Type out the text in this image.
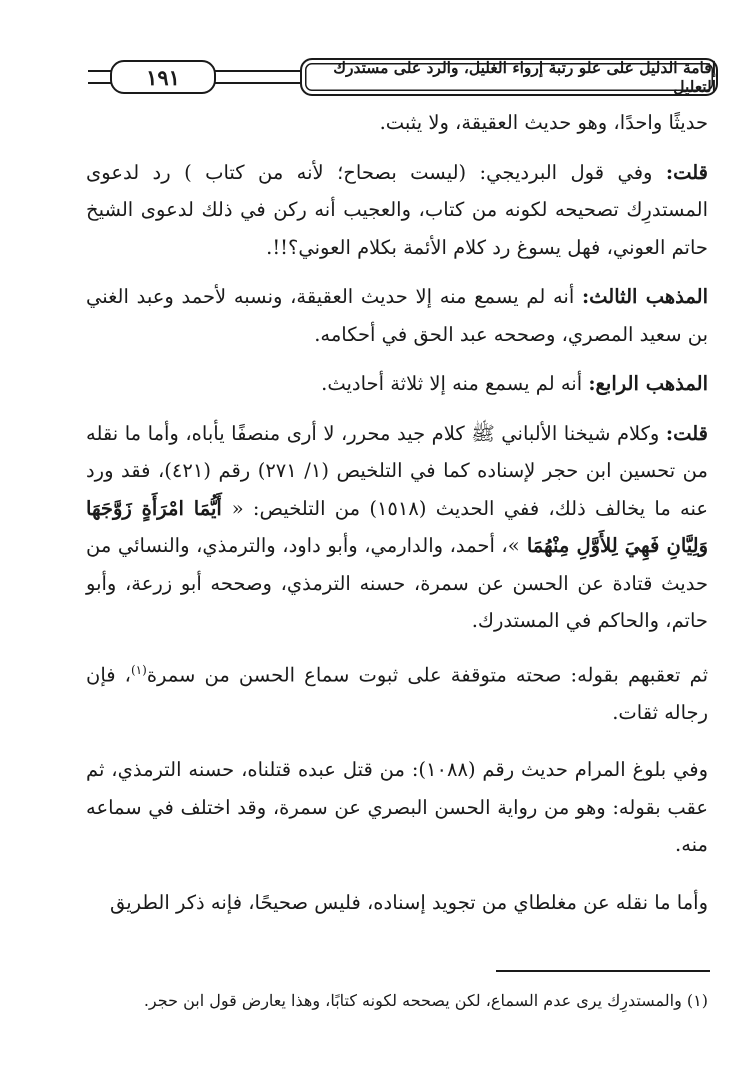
١٩١	إقامة الدليل على علو رتبة إرواء الغليل، والرد على مستدرك التعليل

حديثًا واحدًا، وهو حديث العقيقة، ولا يثبت.

قلت: وفي قول البرديجي: (ليست بصحاح؛ لأنه من كتاب ) رد لدعوى المستدرِك تصحيحه لكونه من كتاب، والعجيب أنه ركن في ذلك لدعوى الشيخ حاتم العوني، فهل يسوغ رد كلام الأئمة بكلام العوني؟!!.

المذهب الثالث: أنه لم يسمع منه إلا حديث العقيقة، ونسبه لأحمد وعبد الغني بن سعيد المصري، وصححه عبد الحق في أحكامه.

المذهب الرابع: أنه لم يسمع منه إلا ثلاثة أحاديث.

قلت: وكلام شيخنا الألباني ﷺ كلام جيد محرر، لا أرى منصفًا يأباه، وأما ما نقله من تحسين ابن حجر لإسناده كما في التلخيص (١/ ٢٧١) رقم (٤٢١)، فقد ورد عنه ما يخالف ذلك، ففي الحديث (١٥١٨) من التلخيص: « أَيُّمَا امْرَأَةٍ زَوَّجَهَا وَلِيَّانِ فَهِيَ لِلأَوَّلِ مِنْهُمَا »، أحمد، والدارمي، وأبو داود، والترمذي، والنسائي من حديث قتادة عن الحسن عن سمرة، حسنه الترمذي، وصححه أبو زرعة، وأبو حاتم، والحاكم في المستدرك.

ثم تعقبهم بقوله: صحته متوقفة على ثبوت سماع الحسن من سمرة$^{(١)}$، فإن رجاله ثقات.

وفي بلوغ المرام حديث رقم (١٠٨٨): من قتل عبده قتلناه، حسنه الترمذي، ثم عقب بقوله: وهو من رواية الحسن البصري عن سمرة، وقد اختلف في سماعه منه.

وأما ما نقله عن مغلطاي من تجويد إسناده، فليس صحيحًا، فإنه ذكر الطريق

(١) والمستدرِك يرى عدم السماع، لكن يصححه لكونه كتابًا، وهذا يعارض قول ابن حجر.
